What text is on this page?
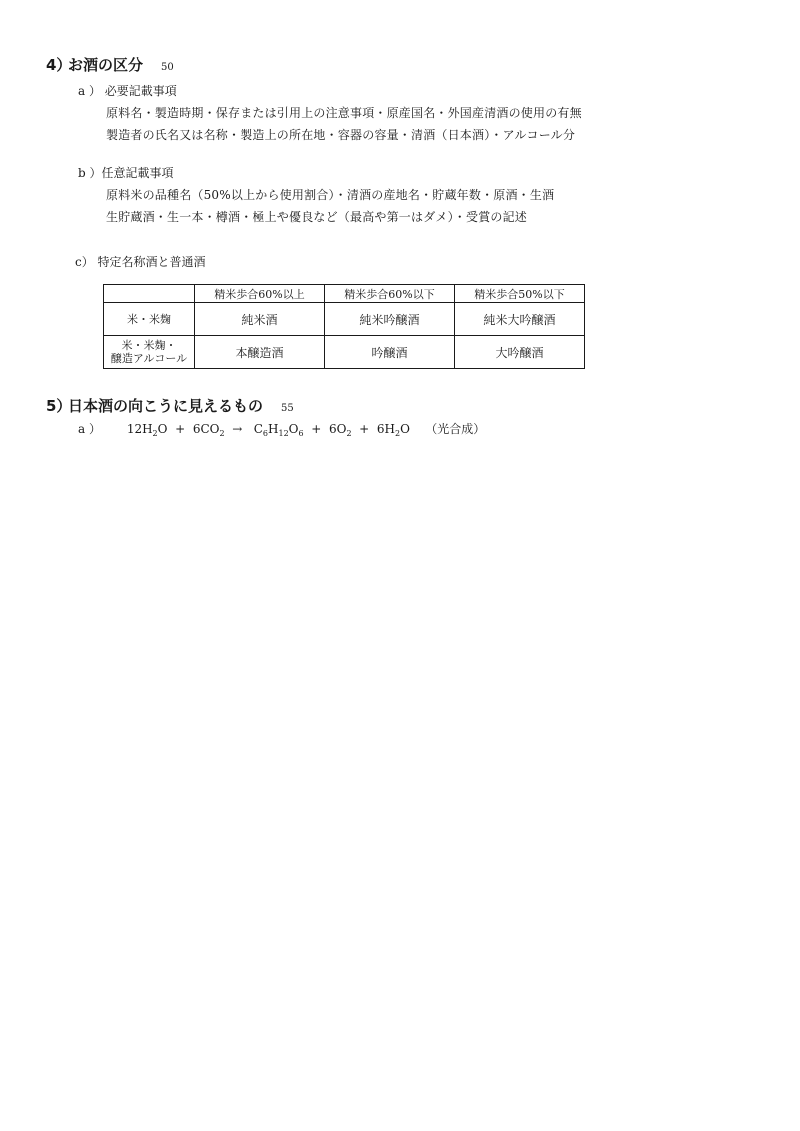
4）お酒の区分 50
a ） 必要記載事項
原料名・製造時期・保存または引用上の注意事項・原産国名・外国産清酒の使用の有無
製造者の氏名又は名称・製造上の所在地・容器の容量・清酒（日本酒）・アルコール分
b ）任意記載事項
原料米の品種名（50%以上から使用割合）・清酒の産地名・貯蔵年数・原酒・生酒
生貯蔵酒・生一本・樽酒・極上や優良など（最高や第一はダメ）・受賞の記述
c） 特定名称酒と普通酒
	精米歩合60%以上	精米歩合60%以下	精米歩合50%以下

米・米麹	純米酒	純米吟醸酒	純米大吟醸酒

米・米麹・
醸造アルコール	本醸造酒	吟醸酒	大吟醸酒
5）日本酒の向こうに見えるもの 55
a ） $12H_2O + 6CO_2 \to C_6H_{12}O_6 + 6O_2 + 6H_2O$ （光合成）
